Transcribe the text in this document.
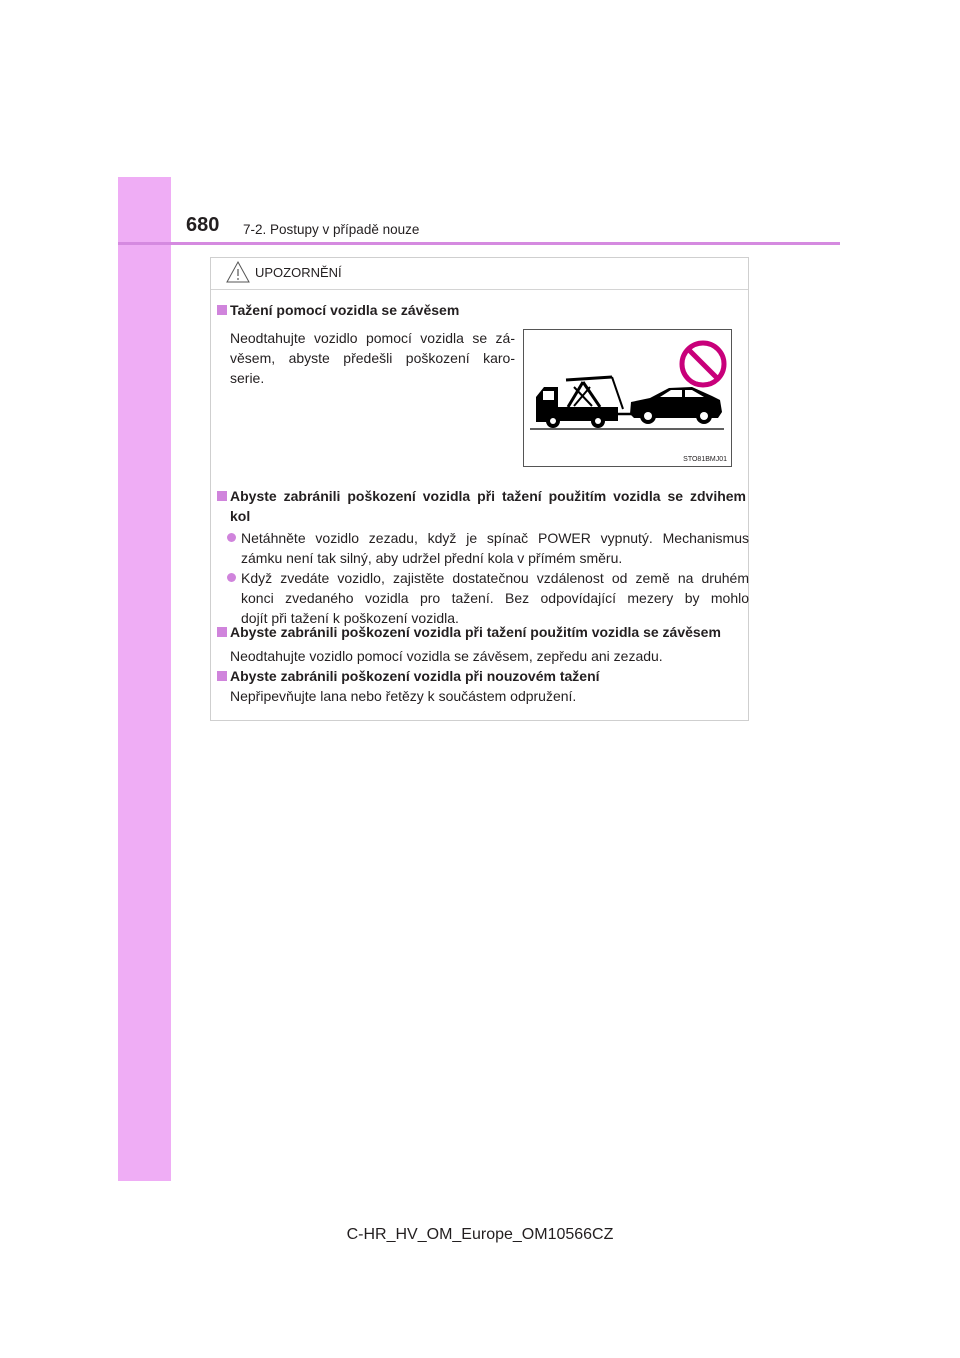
680 7-2. Postupy v případě nouze
UPOZORNĚNÍ
Tažení pomocí vozidla se závěsem
Neodtahujte vozidlo pomocí vozidla se zá-
věsem, abyste předešli poškození karo-
serie.
STO81BMJ01
Abyste zabránili poškození vozidla při tažení použitím vozidla se zdvihem
kol
Netáhněte vozidlo zezadu, když je spínač POWER vypnutý. Mechanismus
zámku není tak silný, aby udržel přední kola v přímém směru.
Když zvedáte vozidlo, zajistěte dostatečnou vzdálenost od země na druhém
konci zvedaného vozidla pro tažení. Bez odpovídající mezery by mohlo
dojít při tažení k poškození vozidla.
Abyste zabránili poškození vozidla při tažení použitím vozidla se závěsem
Neodtahujte vozidlo pomocí vozidla se závěsem, zepředu ani zezadu.
Abyste zabránili poškození vozidla při nouzovém tažení
Nepřipevňujte lana nebo řetězy k součástem odpružení.
C-HR_HV_OM_Europe_OM10566CZ
